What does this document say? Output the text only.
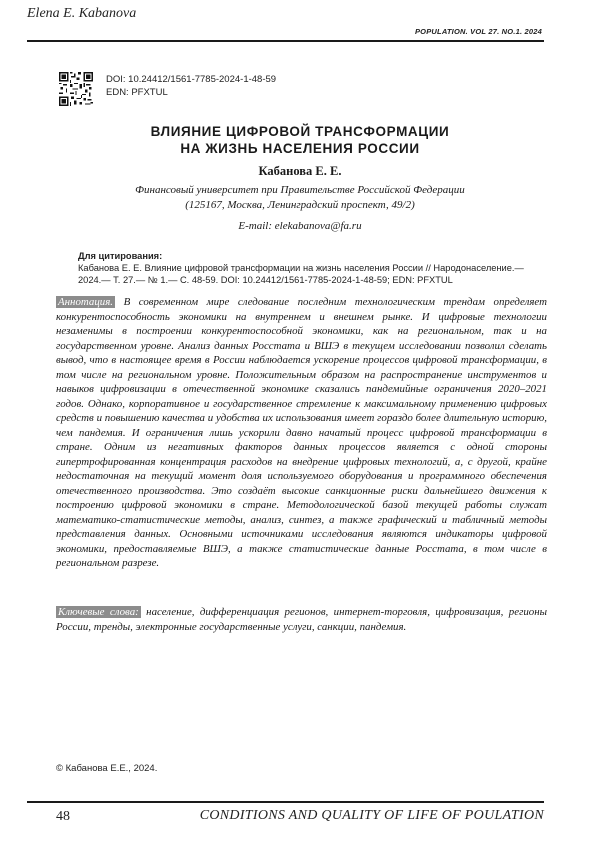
Elena E. Kabanova
POPULATION. VOL 27. NO.1. 2024
DOI: 10.24412/1561-7785-2024-1-48-59
EDN: PFXTUL
ВЛИЯНИЕ ЦИФРОВОЙ ТРАНСФОРМАЦИИ
НА ЖИЗНЬ НАСЕЛЕНИЯ РОССИИ
Кабанова Е. Е.
Финансовый университет при Правительстве Российской Федерации
(125167, Москва, Ленинградский проспект, 49/2)
E-mail: elekabanova@fa.ru
Для цитирования:
Кабанова Е. Е. Влияние цифровой трансформации на жизнь населения России // Народонаселение.— 2024.— Т. 27.— № 1.— С. 48-59. DOI: 10.24412/1561-7785-2024-1-48-59; EDN: PFXTUL
Аннотация. В современном мире следование последним технологическим трендам определяет конкурентоспособность экономики на внутреннем и внешнем рынке. И цифровые технологии незаменимы в построении конкурентоспособной экономики, как на региональном, так и на государственном уровне. Анализ данных Росстата и ВШЭ в текущем исследовании позволил сделать вывод, что в настоящее время в России наблюдается ускорение процессов цифровой трансформации, в том числе на региональном уровне. Положительным образом на распространение инструментов и навыков цифровизации в отечественной экономике сказались пандемийные ограничения 2020–2021 годов. Однако, корпоративное и государственное стремление к максимальному применению цифровых средств и повышению качества и удобства их использования имеет гораздо более длительную историю, чем пандемия. И ограничения лишь ускорили давно начатый процесс цифровой трансформации в стране. Одним из негативных факторов данных процессов является с одной стороны гипертрофированная концентрация расходов на внедрение цифровых технологий, а, с другой, крайне недостаточная на текущий момент доля используемого оборудования и программного обеспечения отечественного производства. Это создаёт высокие санкционные риски дальнейшего движения к построению цифровой экономики в стране. Методологической базой текущей работы служат математико-статистические методы, анализ, синтез, а также графический и табличный методы представления данных. Основными источниками исследования являются индикаторы цифровой экономики, предоставляемые ВШЭ, а также статистические данные Росстата, в том числе в региональном разрезе.
Ключевые слова: население, дифференциация регионов, интернет-торговля, цифровизация, регионы России, тренды, электронные государственные услуги, санкции, пандемия.
© Кабанова Е.Е., 2024.
48	CONDITIONS AND QUALITY OF LIFE OF POULATION
